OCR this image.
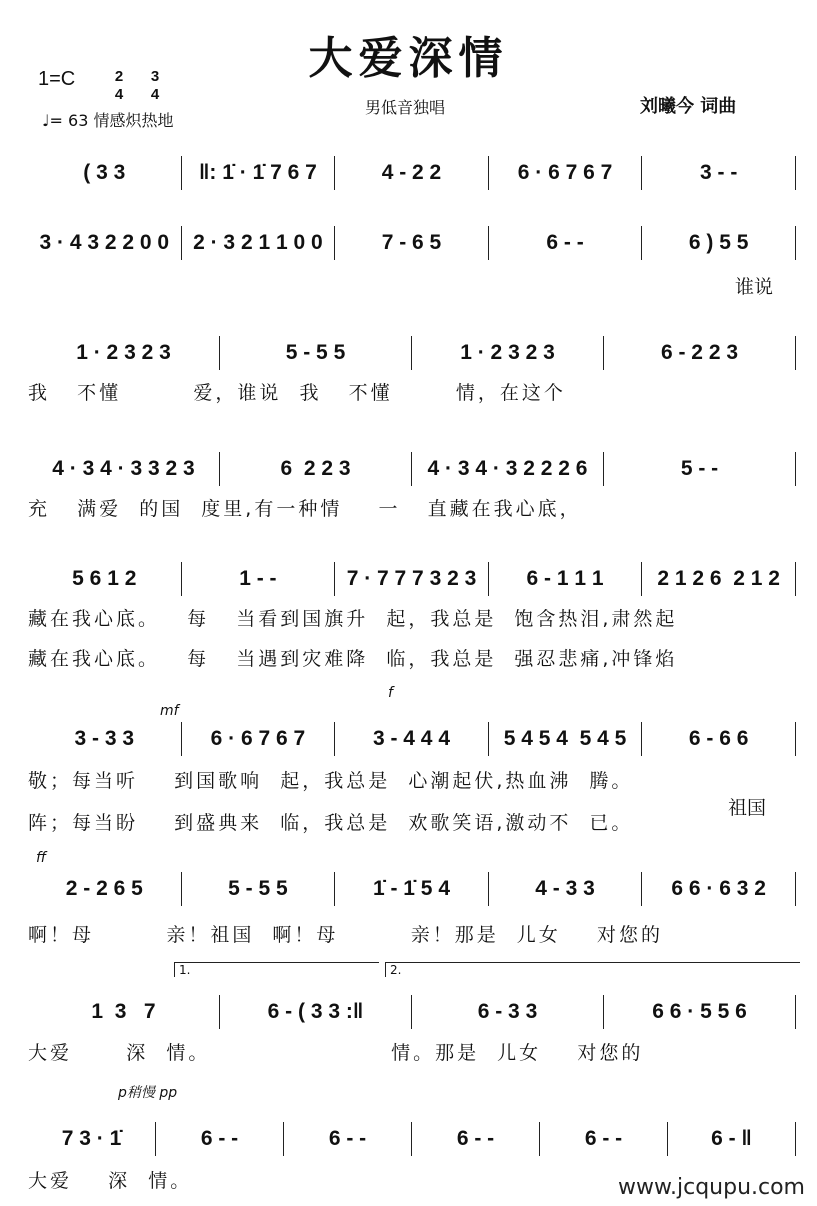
大爱深情
1=C	2
4
3
4
♩= 63 情感炽热地
男低音独唱	刘曦今 词曲
( 3 3	‖: 1̇ · 1̇ 7 6 7	4 - 2 2	6 · 6 7 6 7	3 - -
3 · 4 3 2 2 0 0	2 · 3 2 1 1 0 0	7 - 6 5	6 - -	6 ) 5 5
1 · 2 3 2 3	5 - 5 5	1 · 2 3 2 3	6 - 2 2 3
我   不懂        爱，谁说  我   不懂       情，在这个
4 · 3 4 · 3 3 2 3	6  2 2 3	4 · 3 4 · 3 2 2 2 6	5 - -
充   满爱  的国  度里,有一种情    一   直藏在我心底，
5 6 1 2	1 - -	7 · 7 7 7 3 2 3	6 - 1 1 1	2 1 2 6  2 1 2
藏在我心底。   每   当看到国旗升  起，我总是  饱含热泪,肃然起
藏在我心底。   每   当遇到灾难降  临，我总是  强忍悲痛,冲锋焰
3 - 3 3	6 · 6 7 6 7	3 - 4 4 4	5 4 5 4  5 4 5	6 - 6 6
敬；每当听    到国歌响  起，我总是  心潮起伏,热血沸  腾。
阵；每当盼    到盛典来  临，我总是  欢歌笑语,激动不  已。
2 - 2 6 5	5 - 5 5	1̇ - 1̇ 5 4	4 - 3 3	6 6 · 6 3 2
啊！母        亲！祖国  啊！母        亲！那是  儿女    对您的
1  3   7	6 - ( 3 3 :‖	6 - 3 3	6 6 · 5 5 6
大爱      深  情。                    情。那是  儿女    对您的
7 3 · 1̇	6 - -	6 - -	6 - -	6 - -	6 - ‖
大爱    深  情。
谁说
mf
f
ff
p稍慢 pp
祖国
1.	2.
www.jcqupu.com
